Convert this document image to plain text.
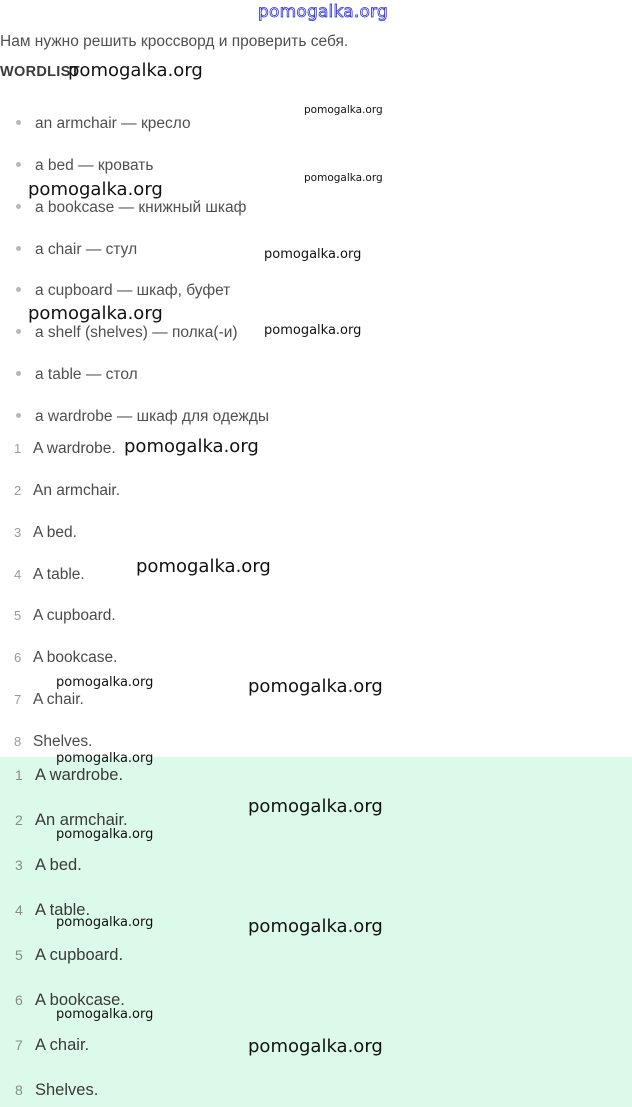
pomogalka.org
Нам нужно решить кроссворд и проверить себя.
WORDLIST
an armchair — кресло
a bed — кровать
a bookcase — книжный шкаф
a chair — стул
a cupboard — шкаф, буфет
a shelf (shelves) — полка(-и)
a table — стол
a wardrobe — шкаф для одежды
1 A wardrobe.
2 An armchair.
3 A bed.
4 A table.
5 A cupboard.
6 A bookcase.
7 A chair.
8 Shelves.
1 A wardrobe.
2 An armchair.
3 A bed.
4 A table.
5 A cupboard.
6 A bookcase.
7 A chair.
8 Shelves.
pomogalka.org
pomogalka.org
pomogalka.org
pomogalka.org
pomogalka.org
pomogalka.org
pomogalka.org
pomogalka.org
pomogalka.org
pomogalka.org	pomogalka.org
pomogalka.org
pomogalka.org
pomogalka.org
pomogalka.org	pomogalka.org
pomogalka.org
pomogalka.org
